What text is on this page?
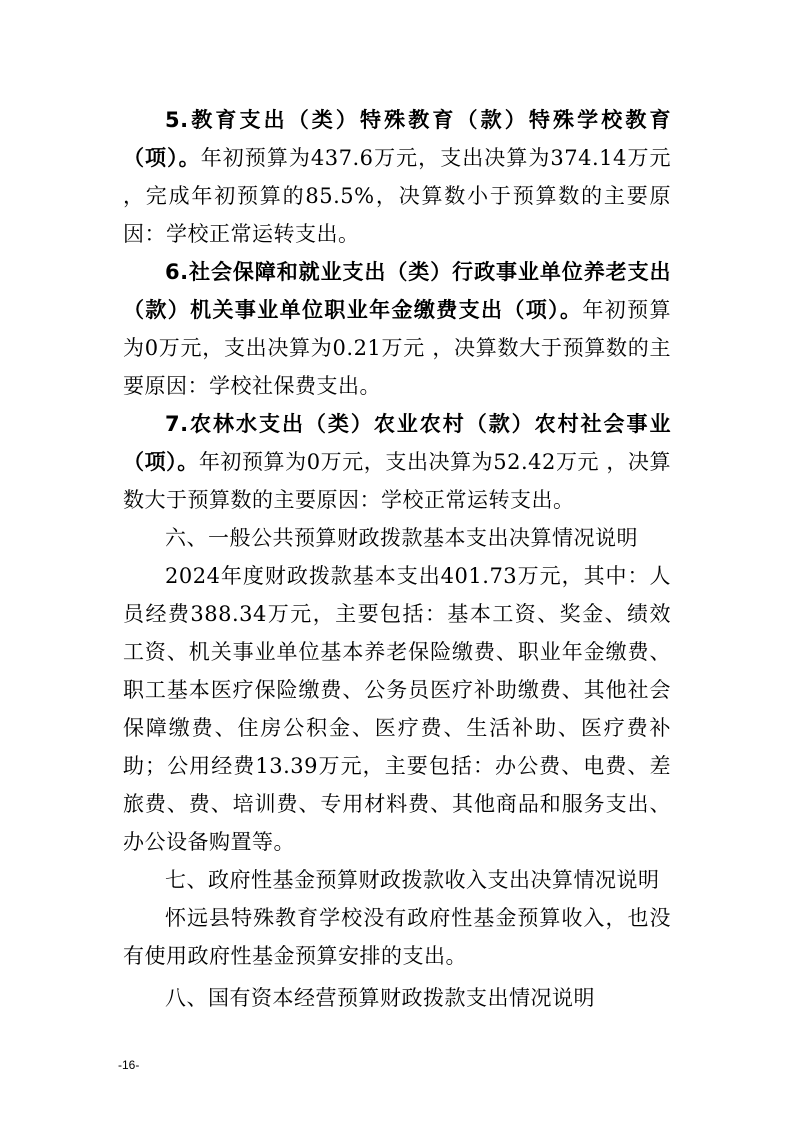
5.教育支出（类）特殊教育（款）特殊学校教育（项）。年初预算为437.6万元，支出决算为374.14万元 ，完成年初预算的85.5%，决算数小于预算数的主要原因：学校正常运转支出。

6.社会保障和就业支出（类）行政事业单位养老支出（款）机关事业单位职业年金缴费支出（项）。年初预算为0万元，支出决算为0.21万元 ，决算数大于预算数的主要原因：学校社保费支出。

7.农林水支出（类）农业农村（款）农村社会事业（项）。年初预算为0万元，支出决算为52.42万元 ，决算数大于预算数的主要原因：学校正常运转支出。

六、一般公共预算财政拨款基本支出决算情况说明

2024年度财政拨款基本支出401.73万元，其中：人员经费388.34万元，主要包括：基本工资、奖金、绩效工资、机关事业单位基本养老保险缴费、职业年金缴费、职工基本医疗保险缴费、公务员医疗补助缴费、其他社会保障缴费、住房公积金、医疗费、生活补助、医疗费补助；公用经费13.39万元，主要包括：办公费、电费、差旅费、费、培训费、专用材料费、其他商品和服务支出、办公设备购置等。

七、政府性基金预算财政拨款收入支出决算情况说明

怀远县特殊教育学校没有政府性基金预算收入，也没有使用政府性基金预算安排的支出。

八、国有资本经营预算财政拨款支出情况说明

-16-
